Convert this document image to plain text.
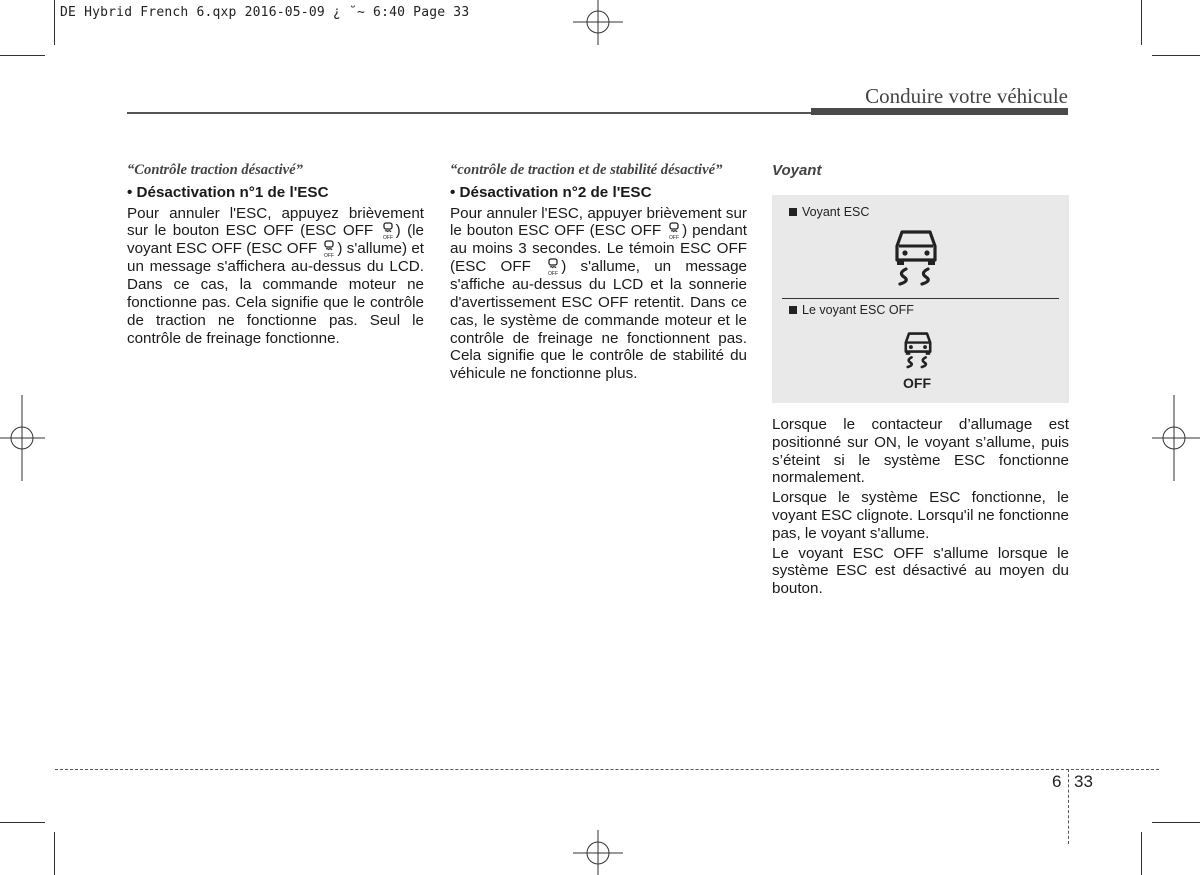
DE Hybrid French 6.qxp 2016-05-09 ¿ ˘~ 6:40 Page 33
Conduire votre véhicule
“Contrôle traction désactivé”
• Désactivation n°1 de l'ESC
Pour annuler l'ESC, appuyez brièvement sur le bouton ESC OFF (ESC OFF OFF ) (le voyant ESC OFF (ESC OFF OFF ) s'allume) et un message s'affichera au-dessus du LCD. Dans ce cas, la commande moteur ne fonctionne pas. Cela signifie que le contrôle de traction ne fonctionne pas. Seul le contrôle de freinage fonctionne.
“contrôle de traction et de stabilité désactivé”
• Désactivation n°2 de l'ESC
Pour annuler l'ESC, appuyer brièvement sur le bouton ESC OFF (ESC OFF OFF ) pendant au moins 3 secondes. Le témoin ESC OFF (ESC OFF OFF ) s'allume, un message s'affiche au-dessus du LCD et la sonnerie d'avertissement ESC OFF retentit. Dans ce cas, le système de commande moteur et le contrôle de freinage ne fonctionnent pas. Cela signifie que le contrôle de stabilité du véhicule ne fonctionne plus.
Voyant
Voyant ESC
Le voyant ESC OFF
OFF

Lorsque le contacteur d’allumage est positionné sur ON, le voyant s’allume, puis s’éteint si le système ESC fonctionne normalement.

Lorsque le système ESC fonctionne, le voyant ESC clignote. Lorsqu'il ne fonctionne pas, le voyant s'allume.

Le voyant ESC OFF s'allume lorsque le système ESC est désactivé au moyen du bouton.

6 33
